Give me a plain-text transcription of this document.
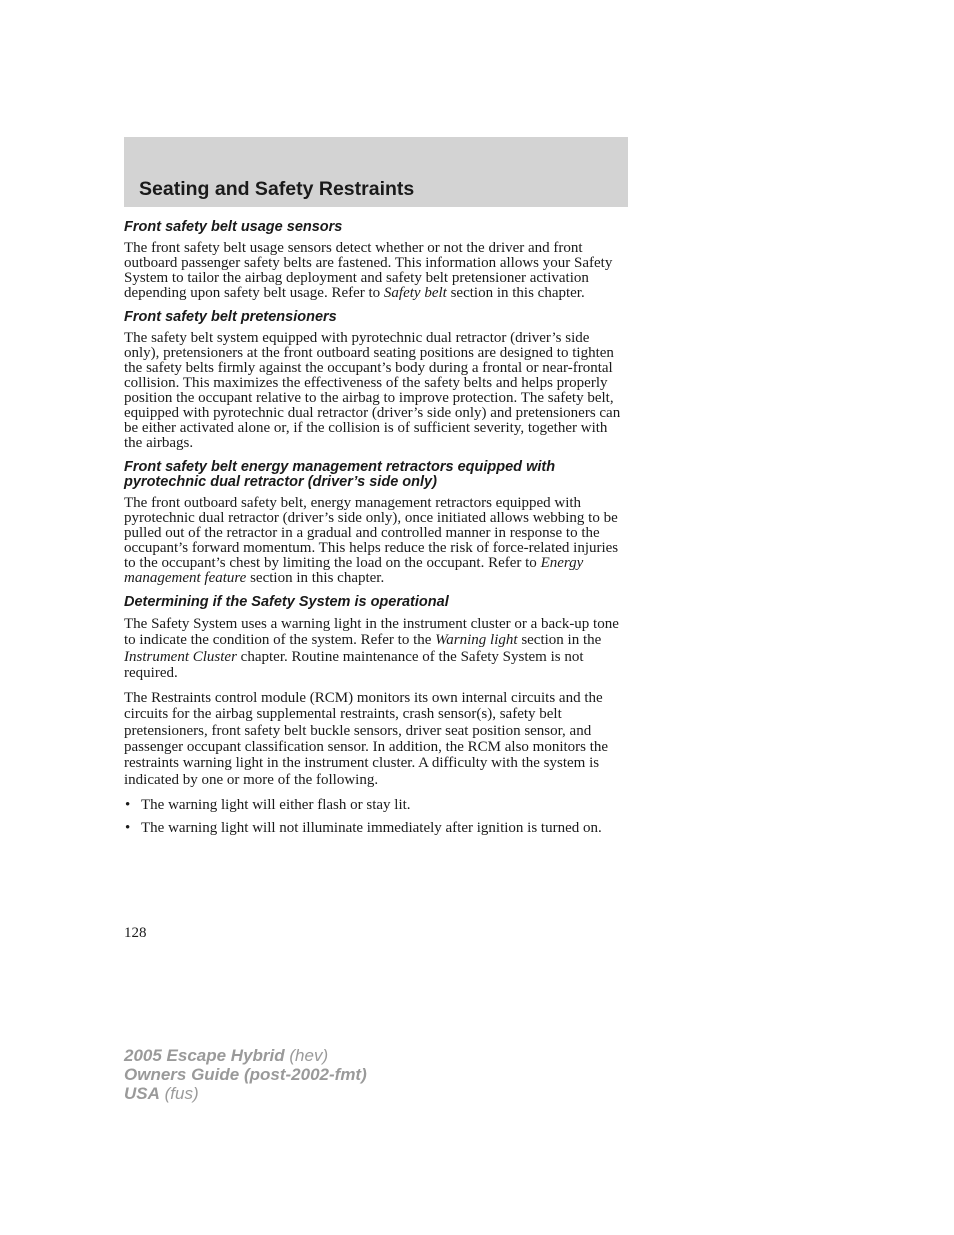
Seating and Safety Restraints
Front safety belt usage sensors

The front safety belt usage sensors detect whether or not the driver and front outboard passenger safety belts are fastened. This information allows your Safety System to tailor the airbag deployment and safety belt pretensioner activation depending upon safety belt usage. Refer to Safety belt section in this chapter.

Front safety belt pretensioners

The safety belt system equipped with pyrotechnic dual retractor (driver’s side only), pretensioners at the front outboard seating positions are designed to tighten the safety belts firmly against the occupant’s body during a frontal or near-frontal collision. This maximizes the effectiveness of the safety belts and helps properly position the occupant relative to the airbag to improve protection. The safety belt, equipped with pyrotechnic dual retractor (driver’s side only) and pretensioners can be either activated alone or, if the collision is of sufficient severity, together with the airbags.

Front safety belt energy management retractors equipped with pyrotechnic dual retractor (driver’s side only)

The front outboard safety belt, energy management retractors equipped with pyrotechnic dual retractor (driver’s side only), once initiated allows webbing to be pulled out of the retractor in a gradual and controlled manner in response to the occupant’s forward momentum. This helps reduce the risk of force-related injuries to the occupant’s chest by limiting the load on the occupant. Refer to Energy management feature section in this chapter.

Determining if the Safety System is operational

The Safety System uses a warning light in the instrument cluster or a back-up tone to indicate the condition of the system. Refer to the Warning light section in the Instrument Cluster chapter. Routine maintenance of the Safety System is not required.

The Restraints control module (RCM) monitors its own internal circuits and the circuits for the airbag supplemental restraints, crash sensor(s), safety belt pretensioners, front safety belt buckle sensors, driver seat position sensor, and passenger occupant classification sensor. In addition, the RCM also monitors the restraints warning light in the instrument cluster. A difficulty with the system is indicated by one or more of the following.

• The warning light will either flash or stay lit.
• The warning light will not illuminate immediately after ignition is turned on.
128
2005 Escape Hybrid (hev)
Owners Guide (post-2002-fmt)
USA (fus)
